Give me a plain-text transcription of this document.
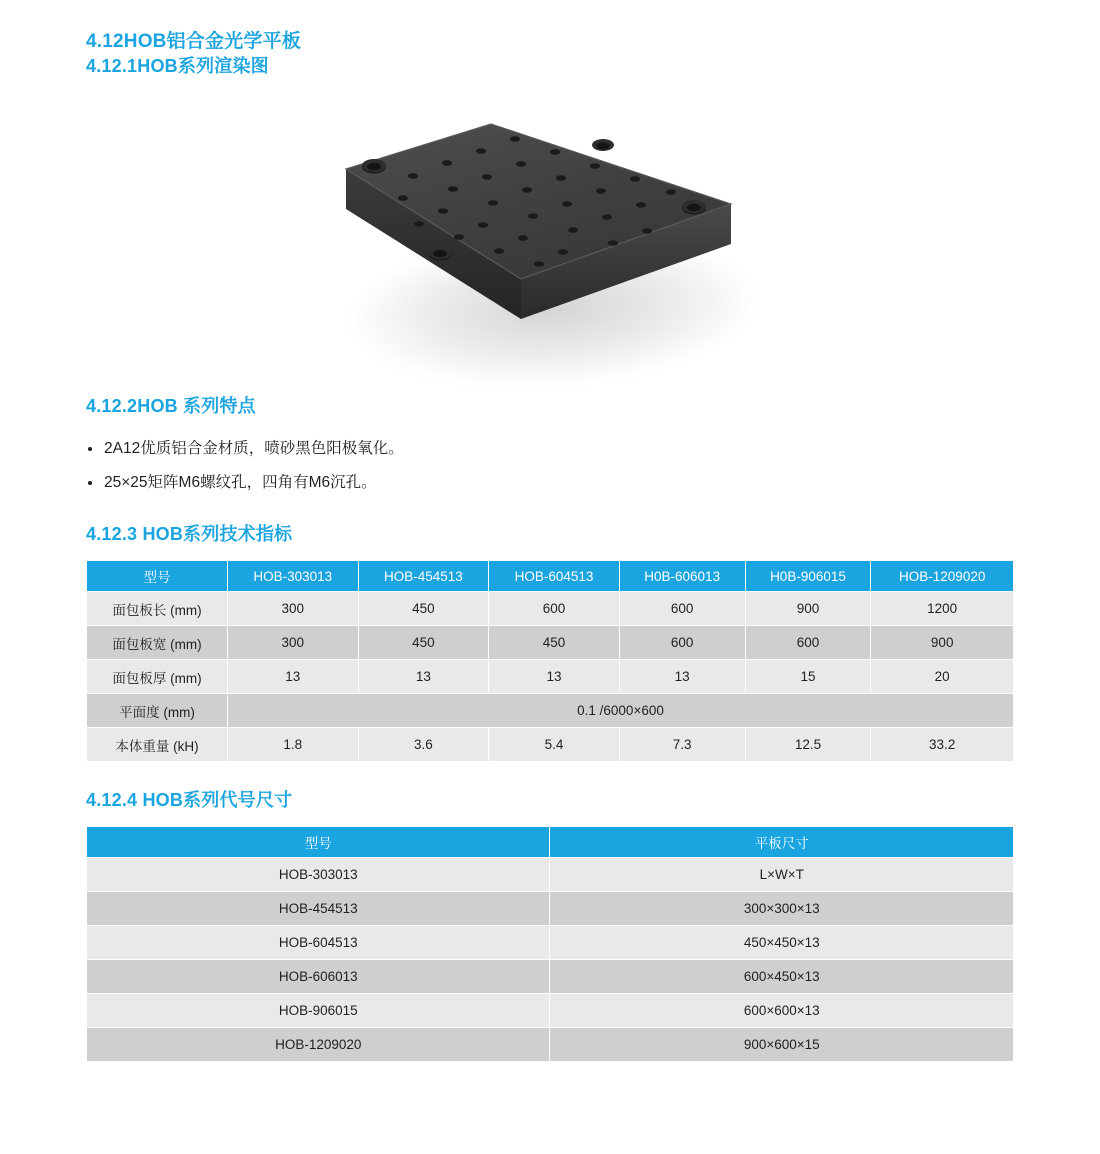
4.12HOB铝合金光学平板
4.12.1HOB系列渲染图
4.12.2HOB 系列特点
2A12优质铝合金材质，喷砂黑色阳极氧化。
25×25矩阵M6螺纹孔，四角有M6沉孔。
4.12.3 HOB系列技术指标
型号	HOB-303013	HOB-454513	HOB-604513	H0B-606013	H0B-906015	HOB-1209020
面包板长 (mm)	300	450	600	600	900	1200
面包板宽 (mm)	300	450	450	600	600	900
面包板厚 (mm)	13	13	13	13	15	20
平面度 (mm)	0.1 /6000×600					
本体重量 (kH)	1.8	3.6	5.4	7.3	12.5	33.2
4.12.4 HOB系列代号尺寸
型号	平板尺寸
HOB-303013	L×W×T
HOB-454513	300×300×13
HOB-604513	450×450×13
HOB-606013	600×450×13
HOB-906015	600×600×13
HOB-1209020	900×600×15
